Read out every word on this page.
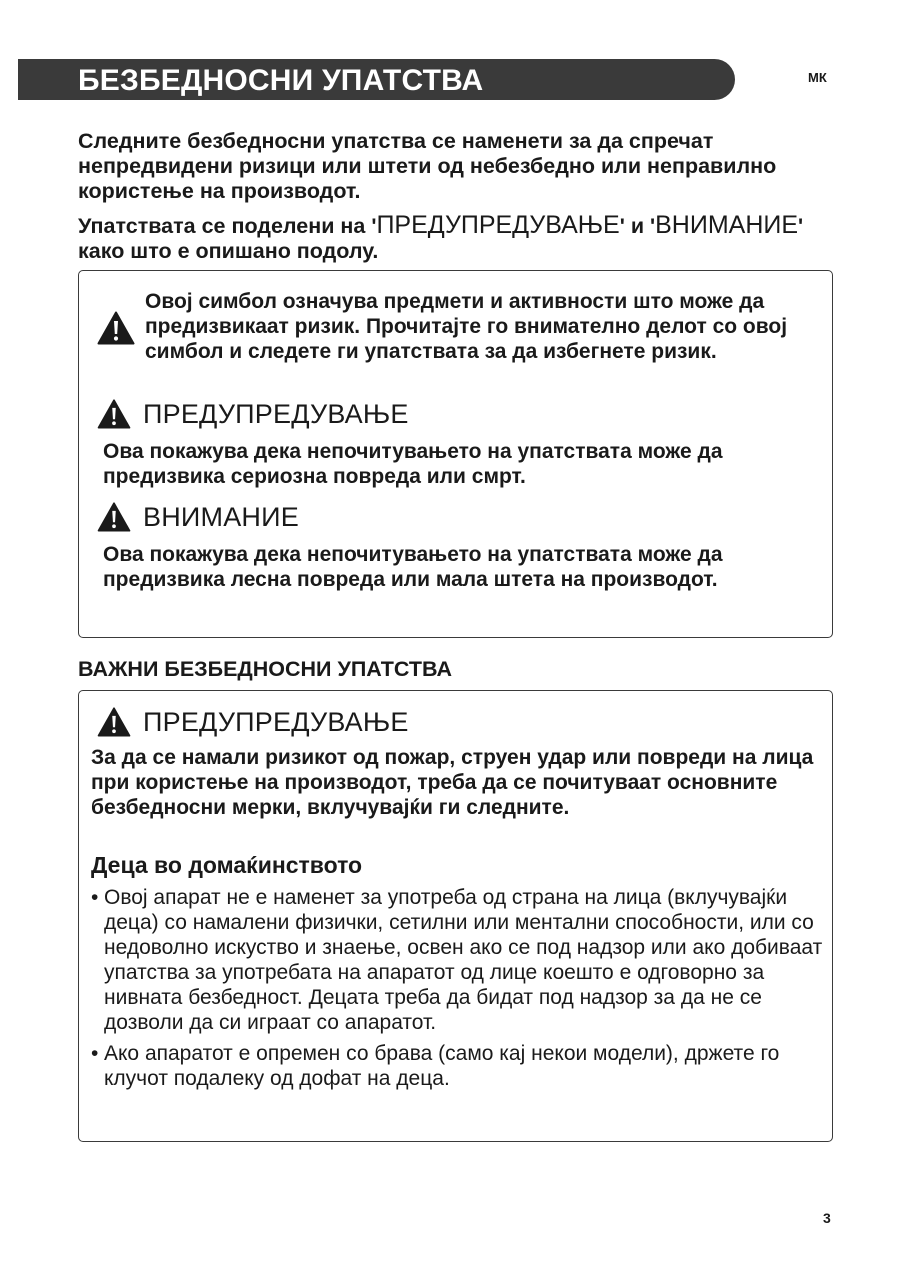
БЕЗБЕДНОСНИ УПАТСТВА	МК

Следните безбедносни упатства се наменети за да спречат непредвидени ризици или штети од небезбедно или неправилно користење на производот.

Упатствата се поделени на 'ПРЕДУПРЕДУВАЊЕ' и 'ВНИМАНИЕ' како што е опишано подолу.

Овој симбол означува предмети и активности што може да предизвикаат ризик. Прочитајте го внимателно делот со овој симбол и следете ги упатствата за да избегнете ризик.
ПРЕДУПРЕДУВАЊЕ
Ова покажува дека непочитувањето на упатствата може да предизвика сериозна повреда или смрт.
ВНИМАНИЕ
Ова покажува дека непочитувањето на упатствата може да предизвика лесна повреда или мала штета на производот.
ВАЖНИ БЕЗБЕДНОСНИ УПАТСТВА
ПРЕДУПРЕДУВАЊЕ
За да се намали ризикот од пожар, струен удар или повреди на лица при користење на производот, треба да се почитуваат основните безбедносни мерки, вклучувајќи ги следните.
Деца во домаќинството
• Овој апарат не е наменет за употреба од страна на лица (вклучувајќи деца) со намалени физички, сетилни или ментални способности, или со недоволно искуство и знаење, освен ако се под надзор или ако добиваат упатства за употребата на апаратот од лице коешто е одговорно за нивната безбедност. Децата треба да бидат под надзор за да не се дозволи да си играат со апаратот.
• Ако апаратот е опремен со брава (само кај некои модели), држете го клучот подалеку од дофат на деца.
3
